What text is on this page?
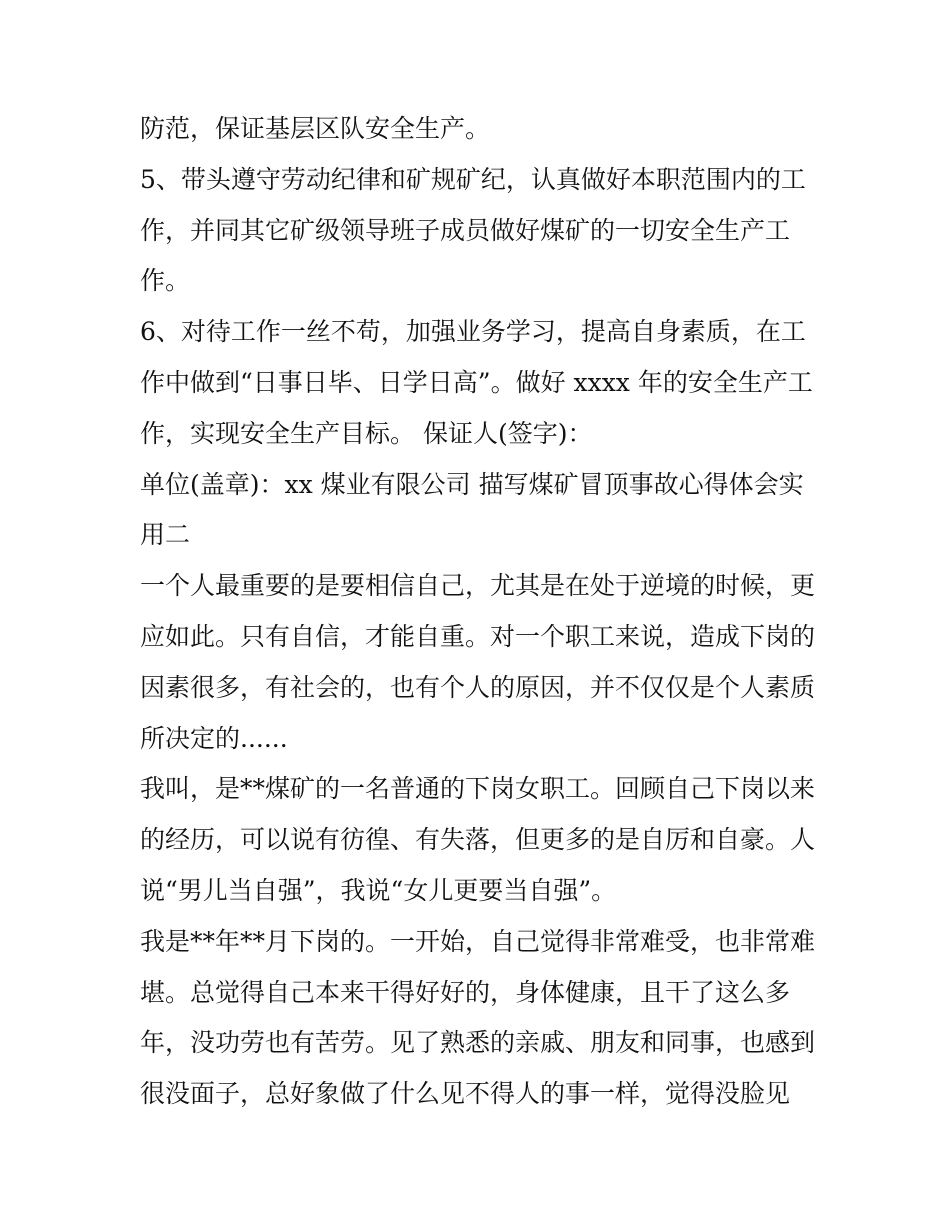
防范，保证基层区队安全生产。
5、带头遵守劳动纪律和矿规矿纪，认真做好本职范围内的工
作，并同其它矿级领导班子成员做好煤矿的一切安全生产工
作。
6、对待工作一丝不苟，加强业务学习，提高自身素质，在工
作中做到“日事日毕、日学日高”。做好 xxxx 年的安全生产工
作，实现安全生产目标。 保证人(签字)：
单位(盖章)：xx 煤业有限公司 描写煤矿冒顶事故心得体会实
用二
一个人最重要的是要相信自己，尤其是在处于逆境的时候，更
应如此。只有自信，才能自重。对一个职工来说，造成下岗的
因素很多，有社会的，也有个人的原因，并不仅仅是个人素质
所决定的......
我叫，是**煤矿的一名普通的下岗女职工。回顾自己下岗以来
的经历，可以说有彷徨、有失落，但更多的是自厉和自豪。人
说“男儿当自强”，我说“女儿更要当自强”。
我是**年**月下岗的。一开始，自己觉得非常难受，也非常难
堪。总觉得自己本来干得好好的，身体健康，且干了这么多
年，没功劳也有苦劳。见了熟悉的亲戚、朋友和同事，也感到
很没面子，总好象做了什么见不得人的事一样，觉得没脸见
